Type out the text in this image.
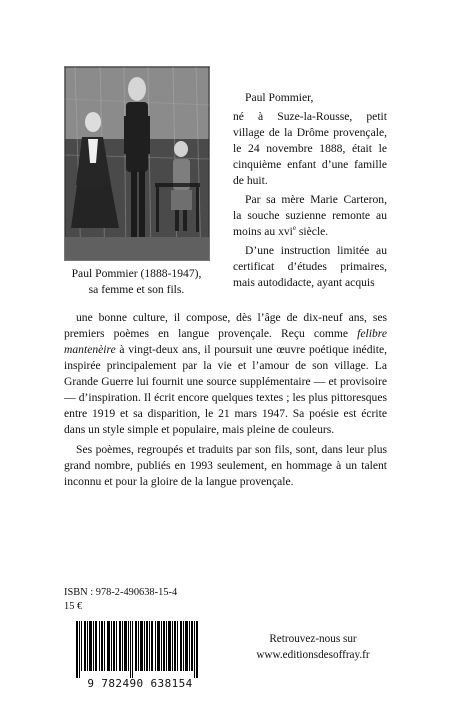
Paul Pommier (1888-1947),
sa femme et son fils.

Paul Pommier,

né à Suze-la-Rousse, petit village de la Drôme provençale, le 24 novembre 1888, était le cinquième enfant d’une famille de huit.

Par sa mère Marie Carteron, la souche suzienne remonte au moins au xvi$^e$ siècle.

D’une instruction limitée au certificat d’études primaires, mais autodidacte, ayant acquis

une bonne culture, il compose, dès l’âge de dix-neuf ans, ses premiers poèmes en langue provençale. Reçu comme felibre mantenèire à vingt-deux ans, il poursuit une œuvre poétique inédite, inspirée principalement par la vie et l’amour de son village. La Grande Guerre lui fournit une source supplémentaire — et provisoire — d’inspiration. Il écrit encore quelques textes ; les plus pittoresques entre 1919 et sa disparition, le 21 mars 1947. Sa poésie est écrite dans un style simple et populaire, mais pleine de couleurs.

Ses poèmes, regroupés et traduits par son fils, sont, dans leur plus grand nombre, publiés en 1993 seulement, en hommage à un talent inconnu et pour la gloire de la langue provençale.

ISBN : 978-2-490638-15-4
15 €
9 782490 638154
Retrouvez-nous sur
www.editionsdesoffray.fr
